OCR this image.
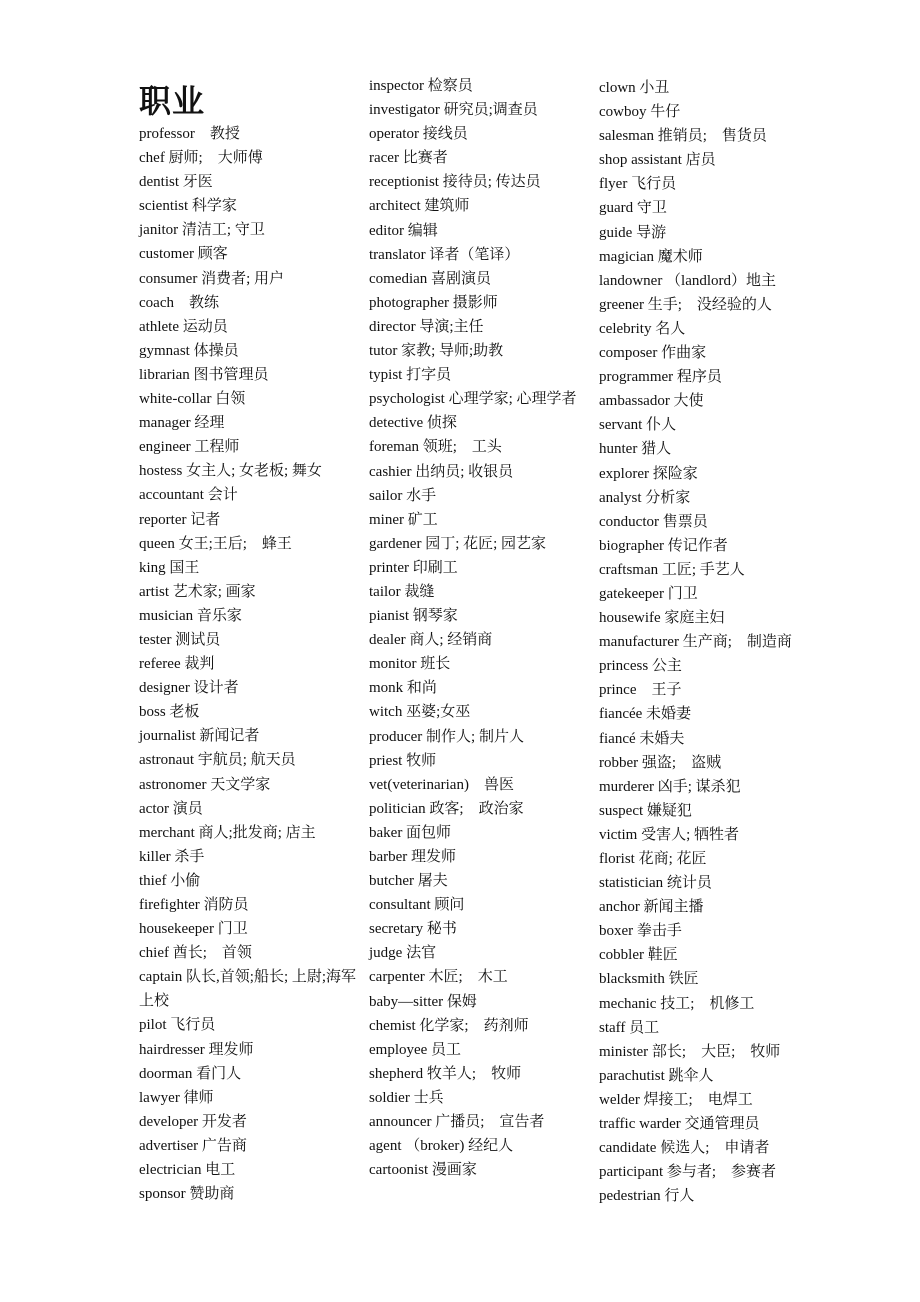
职业
professor　教授
chef 厨师;　大师傅
dentist 牙医
scientist 科学家
janitor 清洁工; 守卫
customer 顾客
consumer 消费者; 用户
coach　教练
athlete 运动员
gymnast 体操员
librarian 图书管理员
white-collar 白领
manager 经理
engineer 工程师
hostess 女主人; 女老板; 舞女
accountant 会计
reporter 记者
queen 女王;王后;　蜂王
king 国王
artist 艺术家; 画家
musician 音乐家
tester 测试员
referee 裁判
designer 设计者
boss 老板
journalist 新闻记者
astronaut 宇航员; 航天员
astronomer 天文学家
actor 演员
merchant 商人;批发商; 店主
killer 杀手
thief 小偷
firefighter 消防员
housekeeper 门卫
chief 酋长;　首领
captain 队长,首领;船长; 上尉;海军上校
pilot 飞行员
hairdresser 理发师
doorman 看门人
lawyer 律师
developer 开发者
advertiser 广告商
electrician 电工
sponsor 赞助商
inspector 检察员
investigator 研究员;调查员
operator 接线员
racer 比赛者
receptionist 接待员; 传达员
architect 建筑师
editor 编辑
translator 译者（笔译）
comedian 喜剧演员
photographer 摄影师
director 导演;主任
tutor 家教; 导师;助教
typist 打字员
psychologist 心理学家; 心理学者
detective 侦探
foreman 领班;　工头
cashier 出纳员; 收银员
sailor 水手
miner 矿工
gardener 园丁; 花匠; 园艺家
printer 印刷工
tailor 裁缝
pianist 钢琴家
dealer 商人; 经销商
monitor 班长
monk 和尚
witch 巫婆;女巫
producer 制作人; 制片人
priest 牧师
vet(veterinarian)　兽医
politician 政客;　政治家
baker 面包师
barber 理发师
butcher 屠夫
consultant 顾问
secretary 秘书
judge 法官
carpenter 木匠;　木工
baby—sitter 保姆
chemist 化学家;　药剂师
employee 员工
shepherd 牧羊人;　牧师
soldier 士兵
announcer 广播员;　宣告者
agent （broker) 经纪人
cartoonist 漫画家
clown 小丑
cowboy 牛仔
salesman 推销员;　售货员
shop assistant 店员
flyer 飞行员
guard 守卫
guide 导游
magician 魔术师
landowner （landlord）地主
greener 生手;　没经验的人
celebrity 名人
composer 作曲家
programmer 程序员
ambassador 大使
servant 仆人
hunter 猎人
explorer 探险家
analyst 分析家
conductor 售票员
biographer 传记作者
craftsman 工匠; 手艺人
gatekeeper 门卫
housewife 家庭主妇
manufacturer 生产商;　制造商
princess 公主
prince　王子
fiancée 未婚妻
fiancé 未婚夫
robber 强盗;　盗贼
murderer 凶手; 谋杀犯
suspect 嫌疑犯
victim 受害人; 牺牲者
florist 花商; 花匠
statistician 统计员
anchor 新闻主播
boxer 拳击手
cobbler 鞋匠
blacksmith 铁匠
mechanic 技工;　机修工
staff 员工
minister 部长;　大臣;　牧师
parachutist 跳伞人
welder 焊接工;　电焊工
traffic warder 交通管理员
candidate 候选人;　申请者
participant 参与者;　参赛者
pedestrian 行人
